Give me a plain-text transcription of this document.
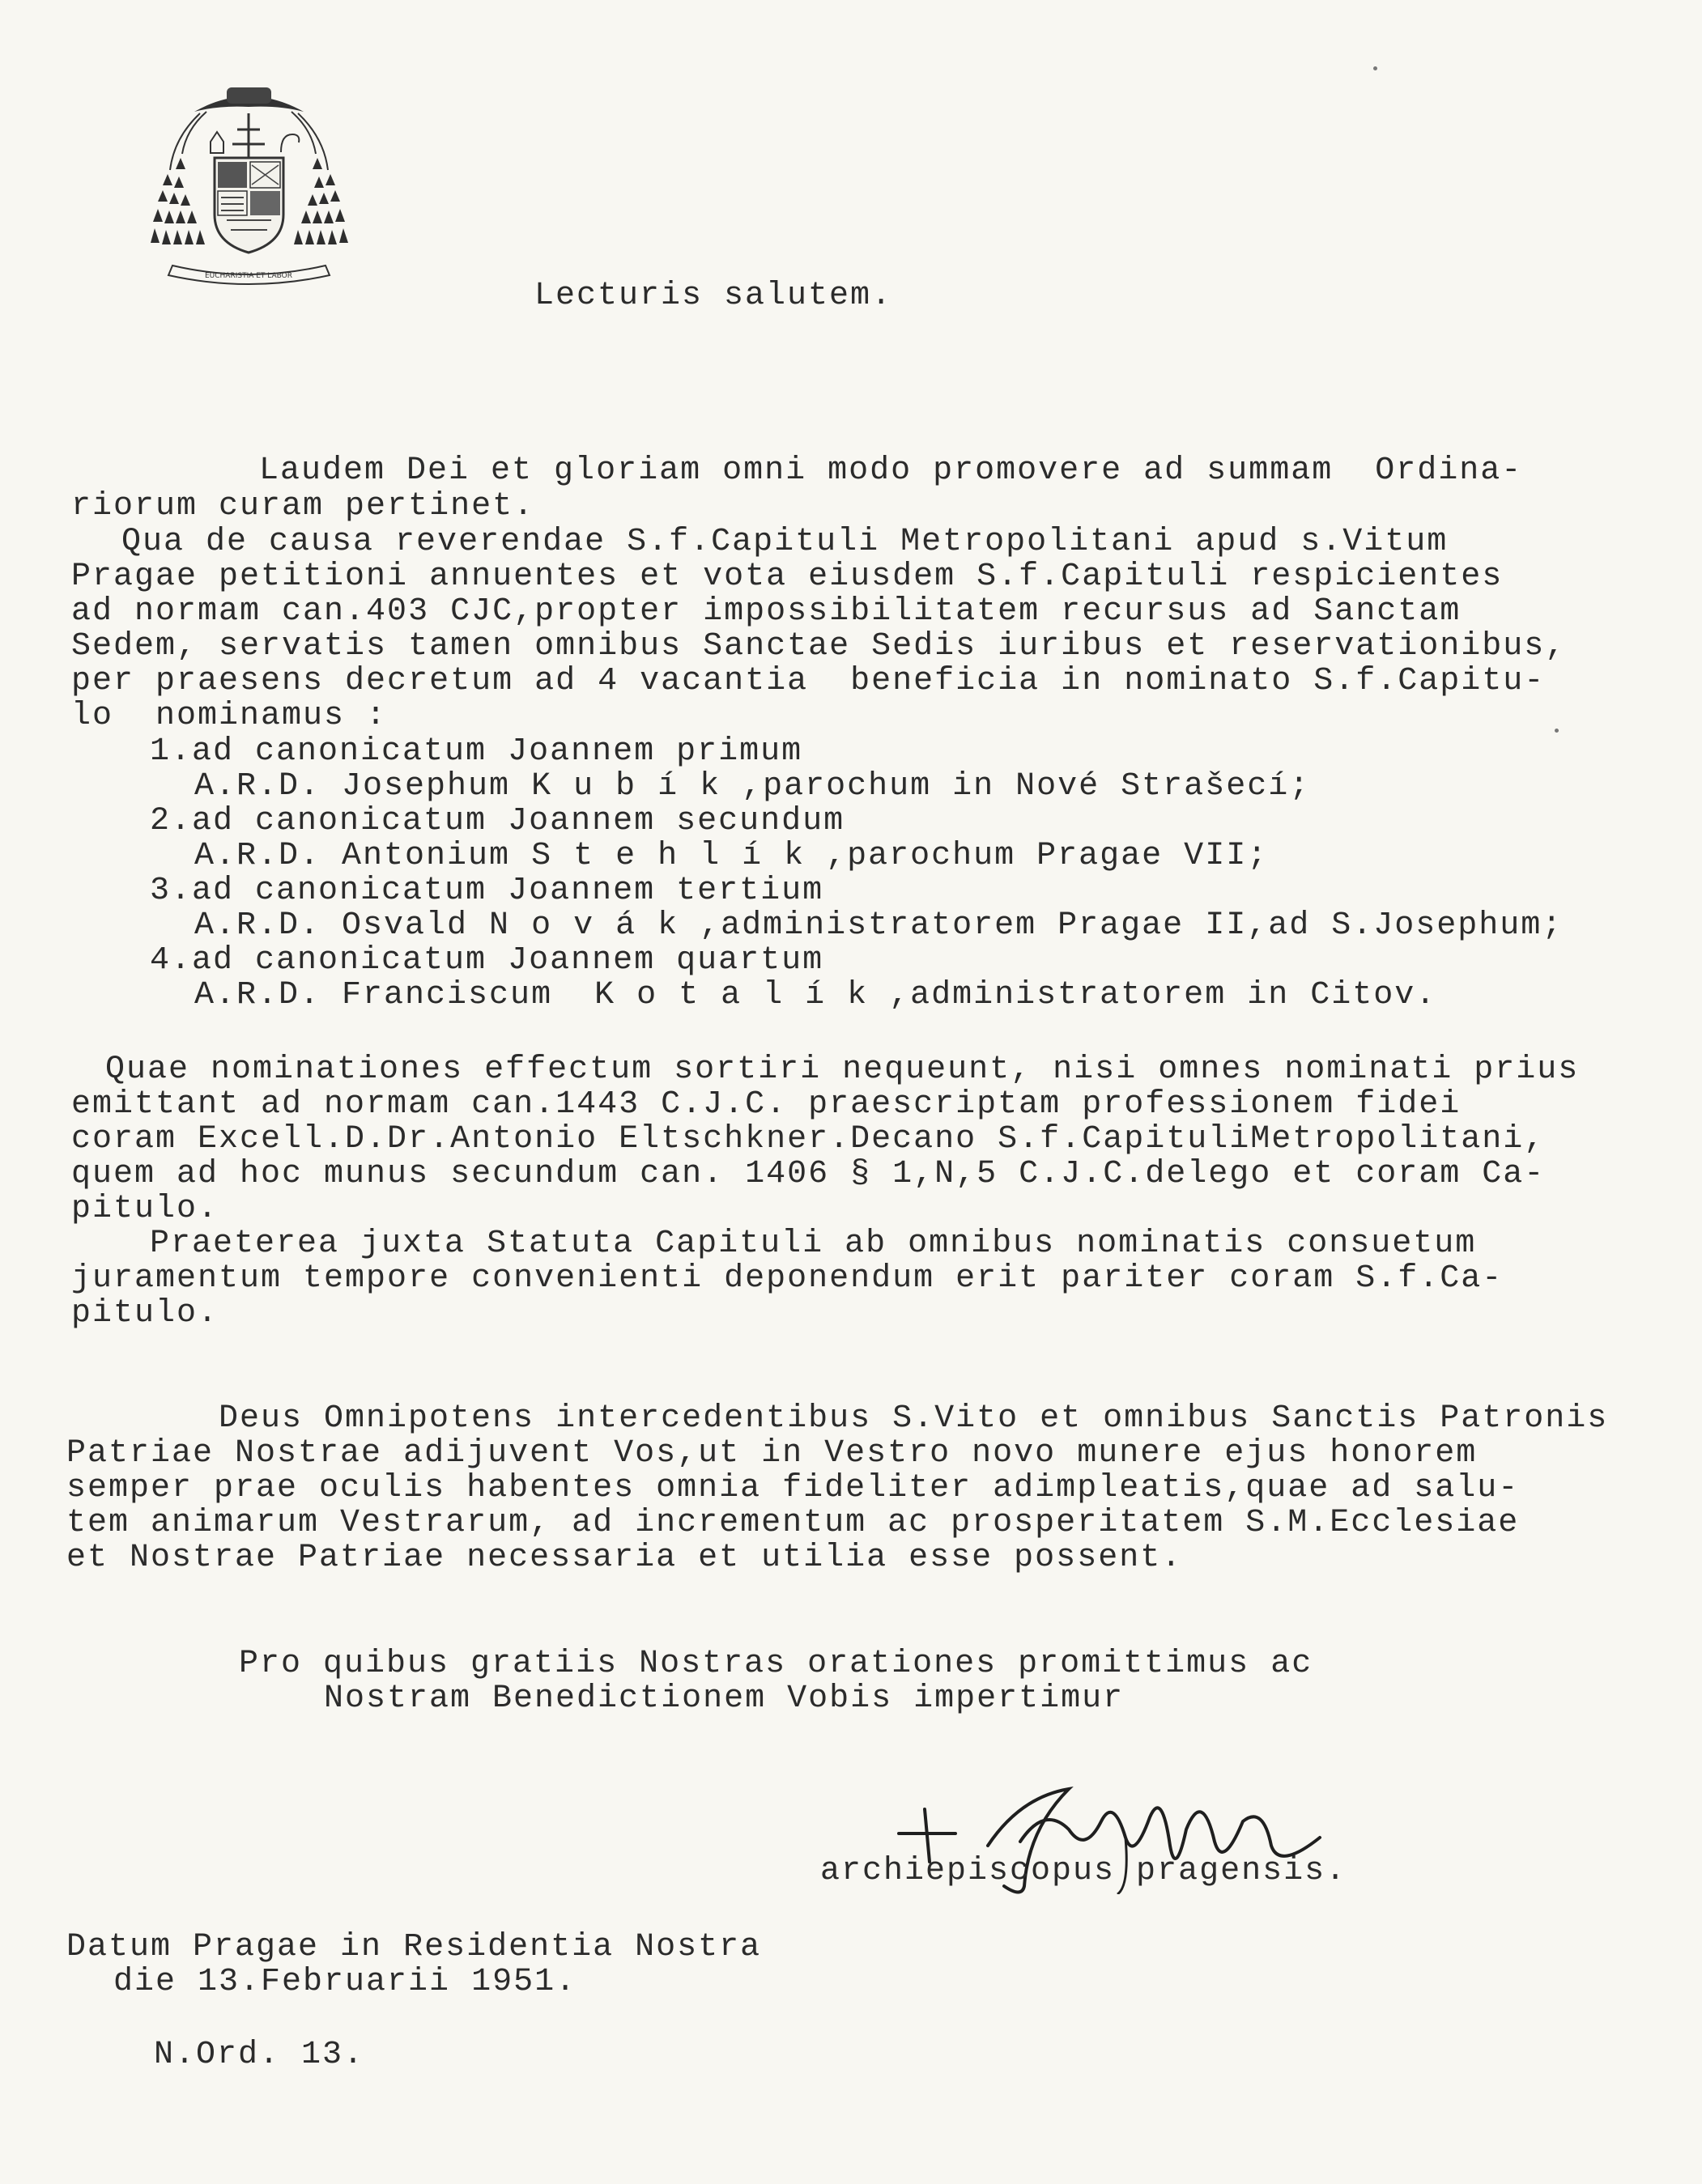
EUCHARISTIA ET LABOR
Lecturis salutem.
Laudem Dei et gloriam omni modo promovere ad summam  Ordina-
riorum curam pertinet.
Qua de causa reverendae S.f.Capituli Metropolitani apud s.Vitum
Pragae petitioni annuentes et vota eiusdem S.f.Capituli respicientes
ad normam can.403 CJC,propter impossibilitatem recursus ad Sanctam
Sedem, servatis tamen omnibus Sanctae Sedis iuribus et reservationibus,
per praesens decretum ad 4 vacantia  beneficia in nominato S.f.Capitu-
lo  nominamus :
1.ad canonicatum Joannem primum
A.R.D. Josephum K u b í k ,parochum in Nové Strašecí;
2.ad canonicatum Joannem secundum
A.R.D. Antonium S t e h l í k ,parochum Pragae VII;
3.ad canonicatum Joannem tertium
A.R.D. Osvald N o v á k ,administratorem Pragae II,ad S.Josephum;
4.ad canonicatum Joannem quartum
A.R.D. Franciscum  K o t a l í k ,administratorem in Citov.
Quae nominationes effectum sortiri nequeunt, nisi omnes nominati prius
emittant ad normam can.1443 C.J.C. praescriptam professionem fidei
coram Excell.D.Dr.Antonio Eltschkner.Decano S.f.CapituliMetropolitani,
quem ad hoc munus secundum can. 1406 § 1,N,5 C.J.C.delego et coram Ca-
pitulo.
Praeterea juxta Statuta Capituli ab omnibus nominatis consuetum
juramentum tempore convenienti deponendum erit pariter coram S.f.Ca-
pitulo.
Deus Omnipotens intercedentibus S.Vito et omnibus Sanctis Patronis
Patriae Nostrae adijuvent Vos,ut in Vestro novo munere ejus honorem
semper prae oculis habentes omnia fideliter adimpleatis,quae ad salu-
tem animarum Vestrarum, ad incrementum ac prosperitatem S.M.Ecclesiae
et Nostrae Patriae necessaria et utilia esse possent.
Pro quibus gratiis Nostras orationes promittimus ac
Nostram Benedictionem Vobis impertimur
archiepiscopus pragensis.
Datum Pragae in Residentia Nostra
die 13.Februarii 1951.
N.Ord. 13.
